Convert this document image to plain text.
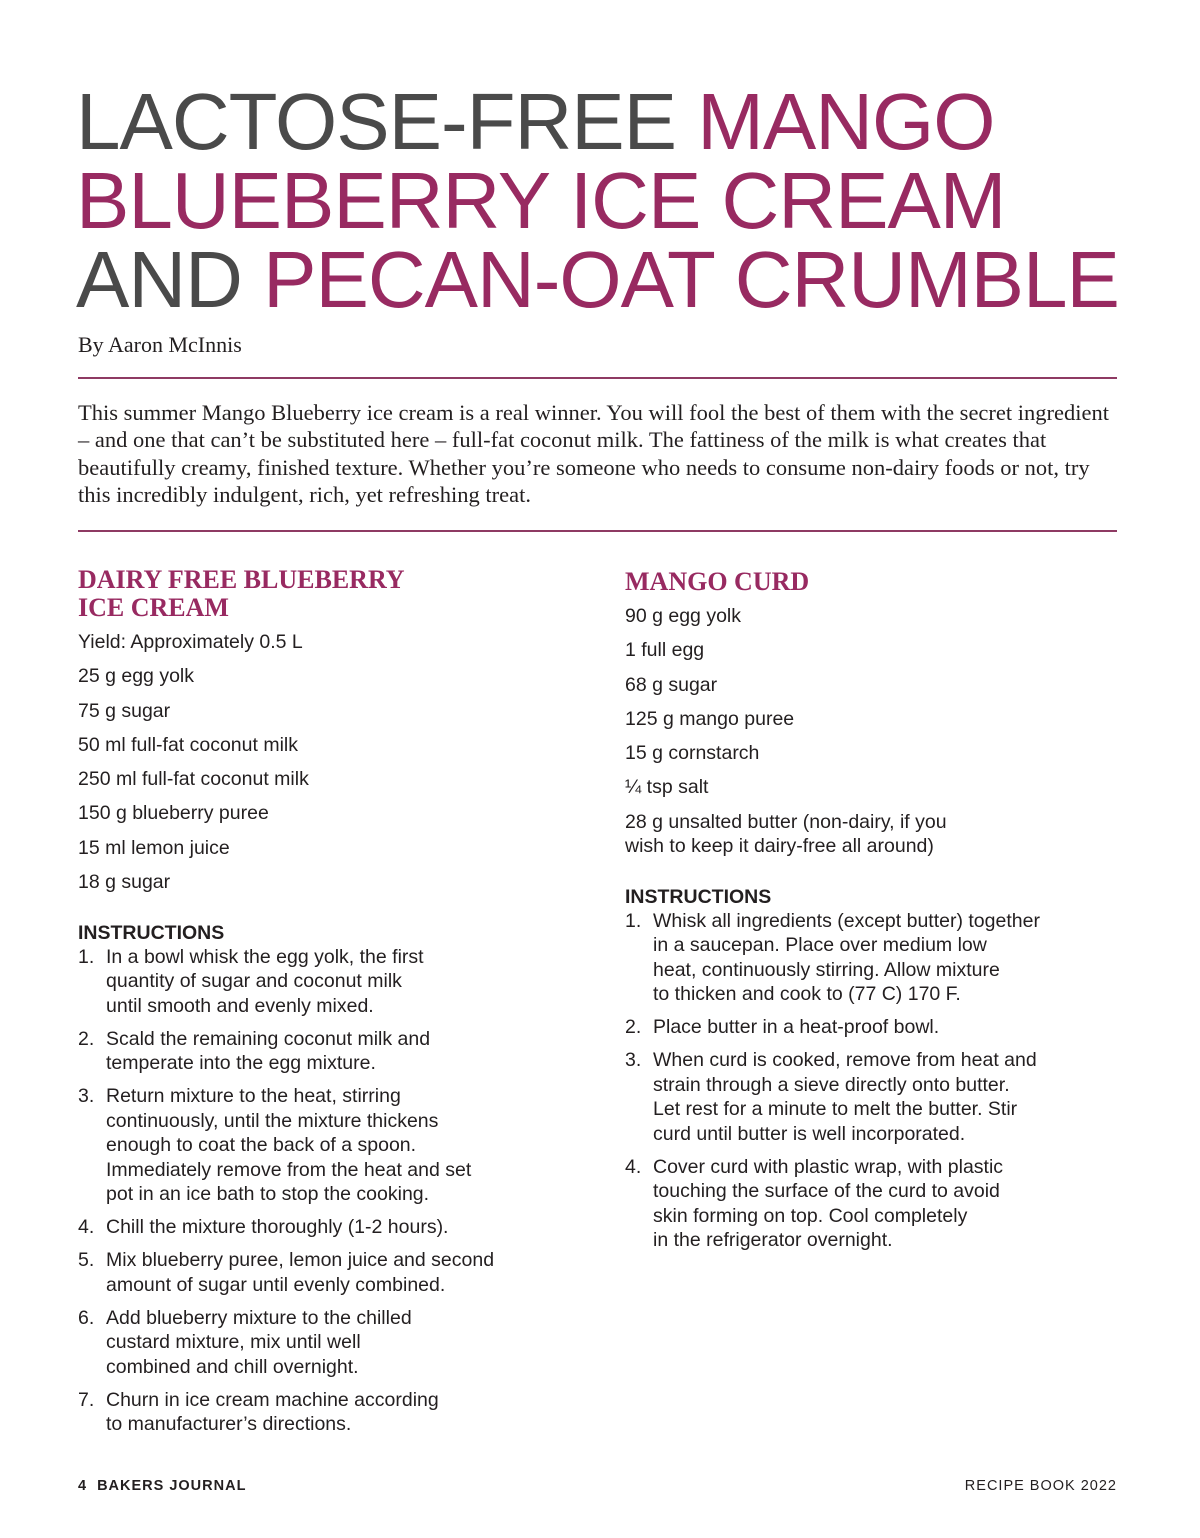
LACTOSE-FREE MANGO
BLUEBERRY ICE CREAM
AND PECAN-OAT CRUMBLE

By Aaron McInnis

This summer Mango Blueberry ice cream is a real winner. You will fool the best of them with the secret ingredient – and one that can’t be substituted here – full-fat coconut milk. The fattiness of the milk is what creates that beautifully creamy, finished texture. Whether you’re someone who needs to consume non-dairy foods or not, try this incredibly indulgent, rich, yet refreshing treat.

DAIRY FREE BLUEBERRY
ICE CREAM
Yield: Approximately 0.5 L
25 g egg yolk
75 g sugar
50 ml full-fat coconut milk
250 ml full-fat coconut milk
150 g blueberry puree
15 ml lemon juice
18 g sugar
INSTRUCTIONS
1. In a bowl whisk the egg yolk, the first
quantity of sugar and coconut milk
until smooth and evenly mixed.
2. Scald the remaining coconut milk and
temperate into the egg mixture.
3. Return mixture to the heat, stirring
continuously, until the mixture thickens
enough to coat the back of a spoon.
Immediately remove from the heat and set
pot in an ice bath to stop the cooking.
4. Chill the mixture thoroughly (1-2 hours).
5. Mix blueberry puree, lemon juice and second
amount of sugar until evenly combined.
6. Add blueberry mixture to the chilled
custard mixture, mix until well
combined and chill overnight.
7. Churn in ice cream machine according
to manufacturer’s directions.
MANGO CURD
90 g egg yolk
1 full egg
68 g sugar
125 g mango puree
15 g cornstarch
¼ tsp salt
28 g unsalted butter (non-dairy, if you
wish to keep it dairy-free all around)
INSTRUCTIONS
1. Whisk all ingredients (except butter) together
in a saucepan. Place over medium low
heat, continuously stirring. Allow mixture
to thicken and cook to (77 C) 170 F.
2. Place butter in a heat-proof bowl.
3. When curd is cooked, remove from heat and
strain through a sieve directly onto butter.
Let rest for a minute to melt the butter. Stir
curd until butter is well incorporated.
4. Cover curd with plastic wrap, with plastic
touching the surface of the curd to avoid
skin forming on top. Cool completely
in the refrigerator overnight.
4 BAKERS JOURNAL	RECIPE BOOK 2022
